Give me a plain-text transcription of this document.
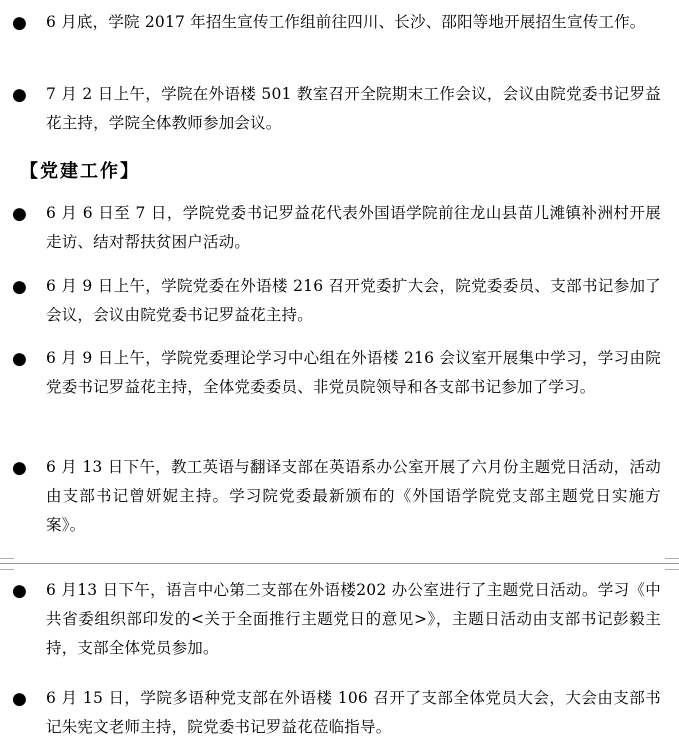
● 6 月底，学院 2017 年招生宣传工作组前往四川、长沙、邵阳等地开展招生宣传工作。
● 7 月 2 日上午，学院在外语楼 501 教室召开全院期末工作会议，会议由院党委书记罗益花主持，学院全体教师参加会议。
【党建工作】
● 6 月 6 日至 7 日，学院党委书记罗益花代表外国语学院前往龙山县苗儿滩镇补洲村开展走访、结对帮扶贫困户活动。
● 6 月 9 日上午，学院党委在外语楼 216 召开党委扩大会，院党委委员、支部书记参加了会议，会议由院党委书记罗益花主持。
● 6 月 9 日上午，学院党委理论学习中心组在外语楼 216 会议室开展集中学习，学习由院党委书记罗益花主持，全体党委委员、非党员院领导和各支部书记参加了学习。
● 6 月 13 日下午，教工英语与翻译支部在英语系办公室开展了六月份主题党日活动，活动由支部书记曾妍妮主持。学习院党委最新颁布的《外国语学院党支部主题党日实施方案》。
● 6 月13 日下午，语言中心第二支部在外语楼202 办公室进行了主题党日活动。学习《中共省委组织部印发的<关于全面推行主题党日的意见>》，主题日活动由支部书记彭毅主持，支部全体党员参加。
● 6 月 15 日，学院多语种党支部在外语楼 106 召开了支部全体党员大会，大会由支部书记朱宪文老师主持，院党委书记罗益花莅临指导。
